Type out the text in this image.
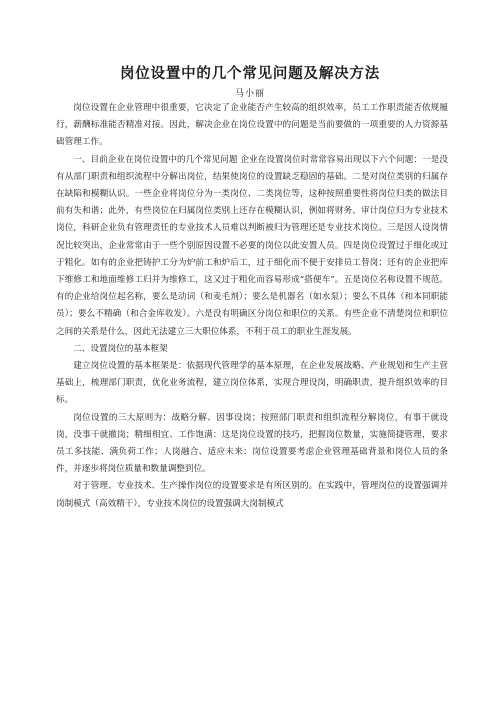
岗位设置中的几个常见问题及解决方法

马小丽

岗位设置在企业管理中很重要，它决定了企业能否产生较高的组织效率，员工工作职责能否依规履行，薪酬标准能否精准对接。因此，解决企业在岗位设置中的问题是当前要做的一项重要的人力资源基础管理工作。

一、目前企业在岗位设置中的几个常见问题 企业在设置岗位时常常容易出现以下六个问题：一是没有从部门职责和组织流程中分解出岗位，结果使岗位的设置缺乏稳固的基础。二是对岗位类别的归属存在缺陷和模糊认识。一些企业将岗位分为一类岗位、二类岗位等，这种按照重要性将岗位归类的做法目前有失和谐；此外，有些岗位在归属岗位类别上还存在模糊认识，例如将财务、审计岗位归为专业技术岗位，科研企业负有管理责任的专业技术人员难以判断被归为管理还是专业技术岗位。三是因人设岗情况比较突出，企业常常由于一些个别原因设置不必要的岗位以此安置人员。四是岗位设置过于细化或过于粗化。如有的企业把铸护工分为炉前工和炉后工，过于细化而不便于安排员工替岗；还有的企业把库下维修工和地面维修工归并为维修工，这又过于粗化而容易形成“搭便车”。五是岗位名称设置不规范。有的企业给岗位起名称，要么是动词（和麦毛剂）；要么是机器名（如水泵）；要么不具体（和本同职能员）；要么不精确（和合金库收发）。六是没有明确区分岗位和职位的关系。有些企业不清楚岗位和职位之间的关系是什么，因此无法建立三大职位体系，不利于员工的职业生涯发展。

二、设置岗位的基本框架

建立岗位设置的基本框架是：依据现代管理学的基本原理，在企业发展战略、产业规划和生产主营基础上，梳理部门职责，优化业务流程，建立岗位体系，实现合理设岗，明确职责，提升组织效率的目标。

岗位设置的三大原则为：战略分解、因事设岗；按照部门职责和组织流程分解岗位，有事干就设岗，没事干就撤岗；精细相宜、工作饱满：这是岗位设置的技巧，把握岗位数量，实施简捷管理，要求员工多技能、满负荷工作；人岗融合、适应未来：岗位设置要考虑企业管理基础背景和岗位人员的条件，并逐步将岗位质量和数量调整到位。

对于管理、专业技术、生产操作岗位的设置要求是有所区别的。在实践中，管理岗位的设置强调并岗制模式（高效精干），专业技术岗位的设置强调大岗制模式
